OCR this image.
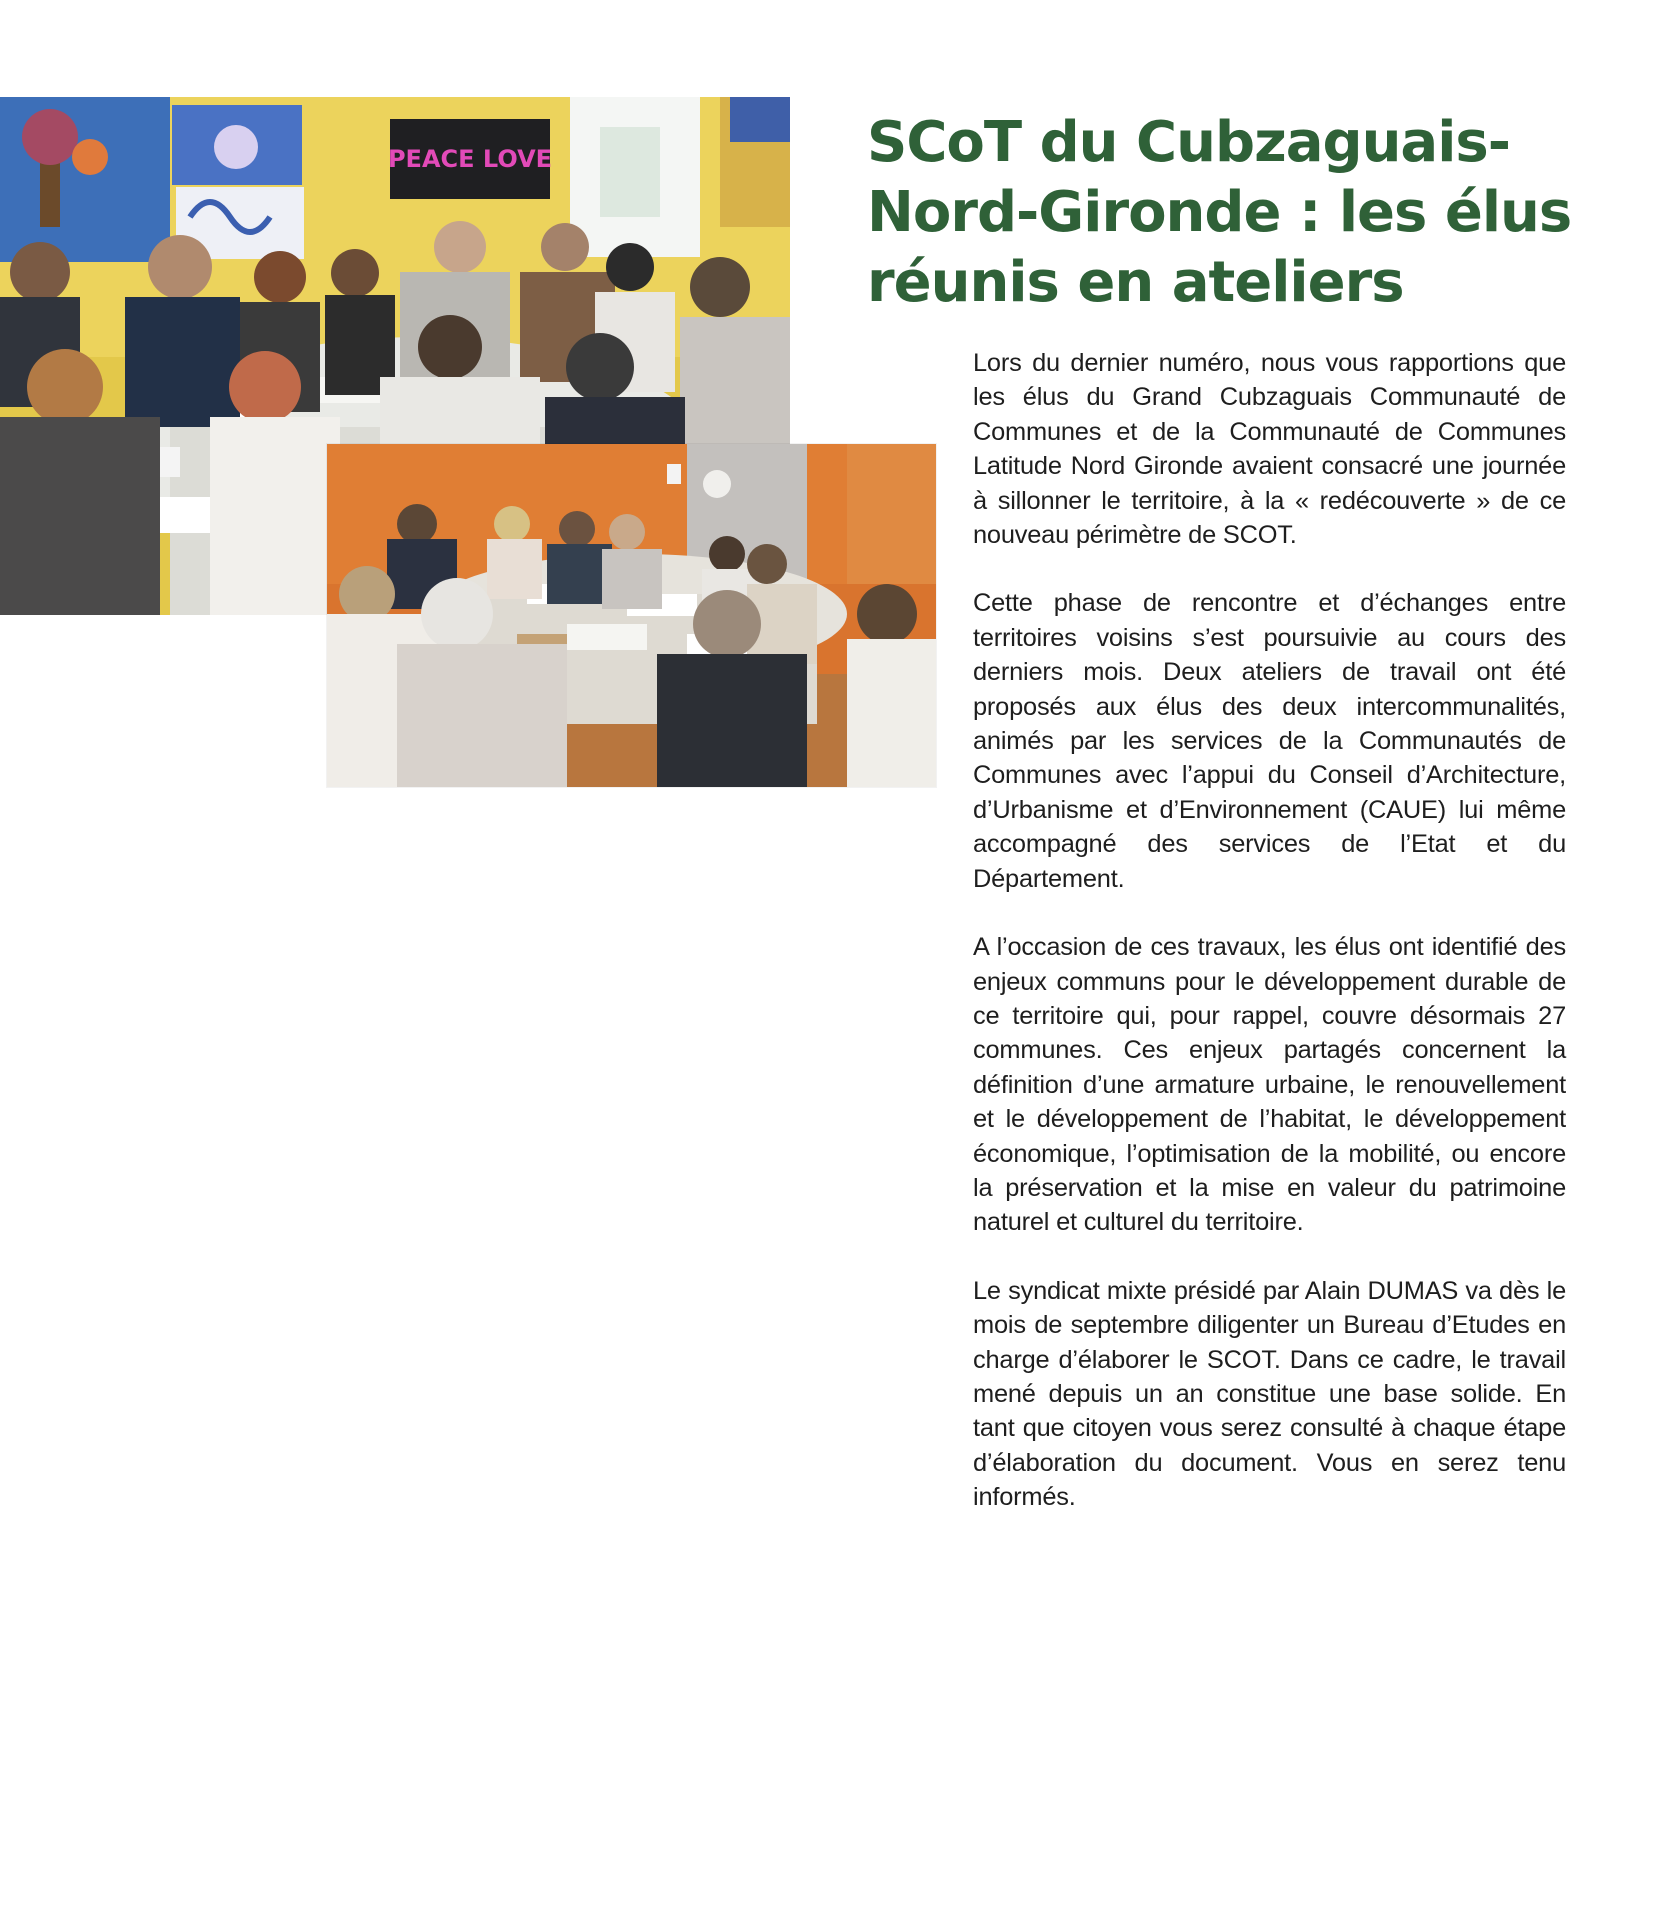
PEACE LOVE	SCoT du Cubzaguais-Nord-Gironde : les élus réunis en ateliers

Lors du dernier numéro, nous vous rapportions que les élus du Grand Cubzaguais Communauté de Communes et de la Communauté de Communes Latitude Nord Gironde avaient consacré une journée à sillonner le territoire, à la « redécouverte » de ce nouveau périmètre de SCOT.

Cette phase de rencontre et d’échanges entre territoires voisins s’est poursuivie au cours des derniers mois. Deux ateliers de travail ont été proposés aux élus des deux intercommunalités, animés par les services de la Communautés de Communes avec l’appui du Conseil d’Architecture, d’Urbanisme et d’Environnement (CAUE) lui même accompagné des services de l’Etat et du Département.

A l’occasion de ces travaux, les élus ont identifié des enjeux communs pour le développement durable de ce territoire qui, pour rappel, couvre désormais 27 communes. Ces enjeux partagés concernent la définition d’une armature urbaine, le renouvellement et le développement de l’habitat, le développement économique, l’optimisation de la mobilité, ou encore la préservation et la mise en valeur du patrimoine naturel et culturel du territoire.

Le syndicat mixte présidé par Alain DUMAS va dès le mois de septembre diligenter un Bureau d’Etudes en charge d’élaborer le SCOT. Dans ce cadre, le travail mené depuis un an constitue une base solide. En tant que citoyen vous serez consulté à chaque étape d’élaboration du document. Vous en serez tenu informés.
